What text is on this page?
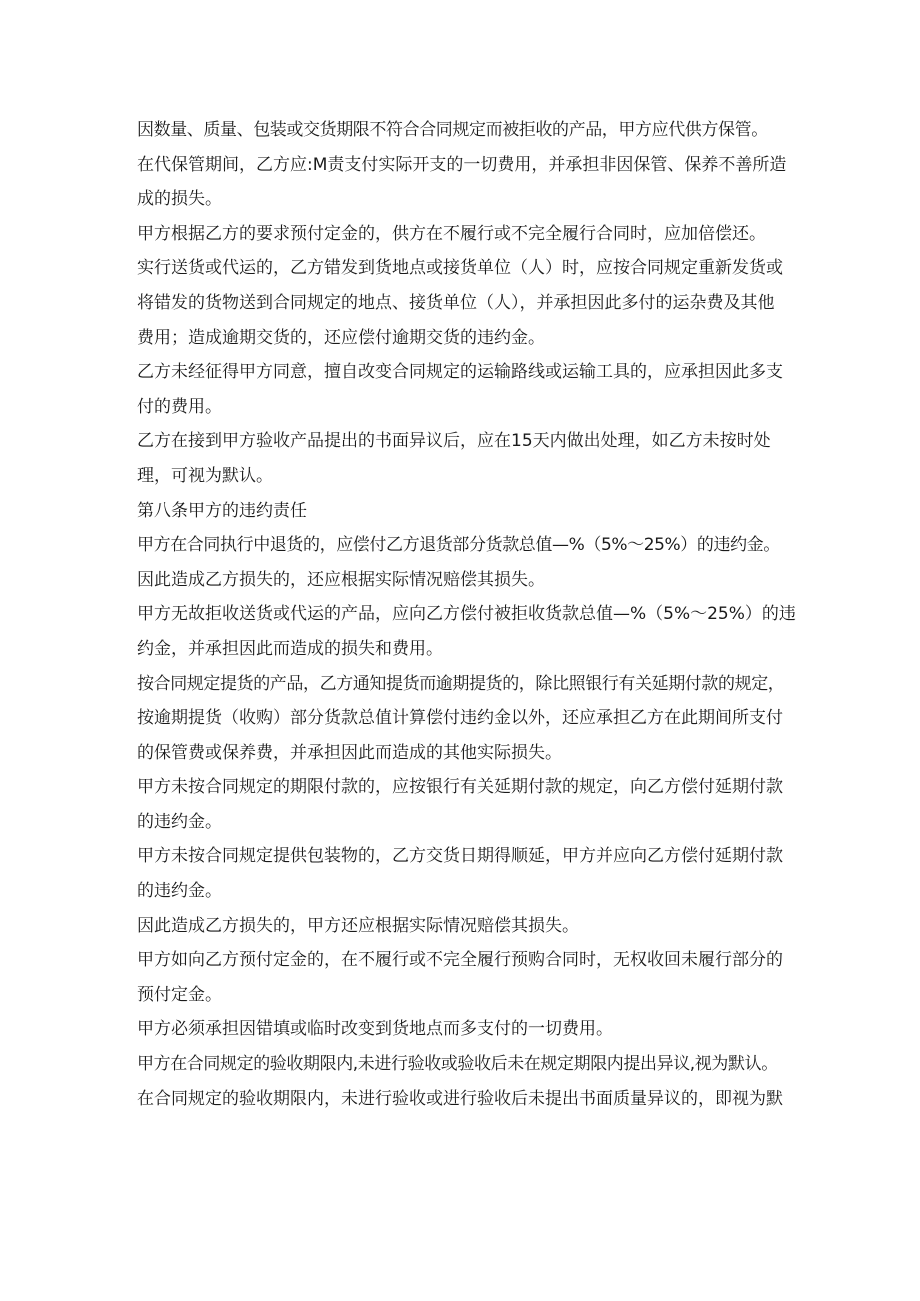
因数量、质量、包装或交货期限不符合合同规定而被拒收的产品，甲方应代供方保管。
在代保管期间，乙方应:M责支付实际开支的一切费用，并承担非因保管、保养不善所造
成的损失。
甲方根据乙方的要求预付定金的，供方在不履行或不完全履行合同时，应加倍偿还。
实行送货或代运的，乙方错发到货地点或接货单位（人）时，应按合同规定重新发货或
将错发的货物送到合同规定的地点、接货单位（人），并承担因此多付的运杂费及其他
费用；造成逾期交货的，还应偿付逾期交货的违约金。
乙方未经征得甲方同意，擅自改变合同规定的运输路线或运输工具的，应承担因此多支
付的费用。
乙方在接到甲方验收产品提出的书面异议后，应在15天内做出处理，如乙方未按时处
理，可视为默认。
第八条甲方的违约责任
甲方在合同执行中退货的，应偿付乙方退货部分货款总值—%（5%～25%）的违约金。
因此造成乙方损失的，还应根据实际情况赔偿其损失。
甲方无故拒收送货或代运的产品，应向乙方偿付被拒收货款总值—%（5%～25%）的违
约金，并承担因此而造成的损失和费用。
按合同规定提货的产品，乙方通知提货而逾期提货的，除比照银行有关延期付款的规定，
按逾期提货（收购）部分货款总值计算偿付违约金以外，还应承担乙方在此期间所支付
的保管费或保养费，并承担因此而造成的其他实际损失。
甲方未按合同规定的期限付款的，应按银行有关延期付款的规定，向乙方偿付延期付款
的违约金。
甲方未按合同规定提供包装物的，乙方交货日期得顺延，甲方并应向乙方偿付延期付款
的违约金。
因此造成乙方损失的，甲方还应根据实际情况赔偿其损失。
甲方如向乙方预付定金的，在不履行或不完全履行预购合同时，无权收回未履行部分的
预付定金。
甲方必须承担因错填或临时改变到货地点而多支付的一切费用。
甲方在合同规定的验收期限内,未进行验收或验收后未在规定期限内提出异议,视为默认。
在合同规定的验收期限内，未进行验收或进行验收后未提出书面质量异议的，即视为默
